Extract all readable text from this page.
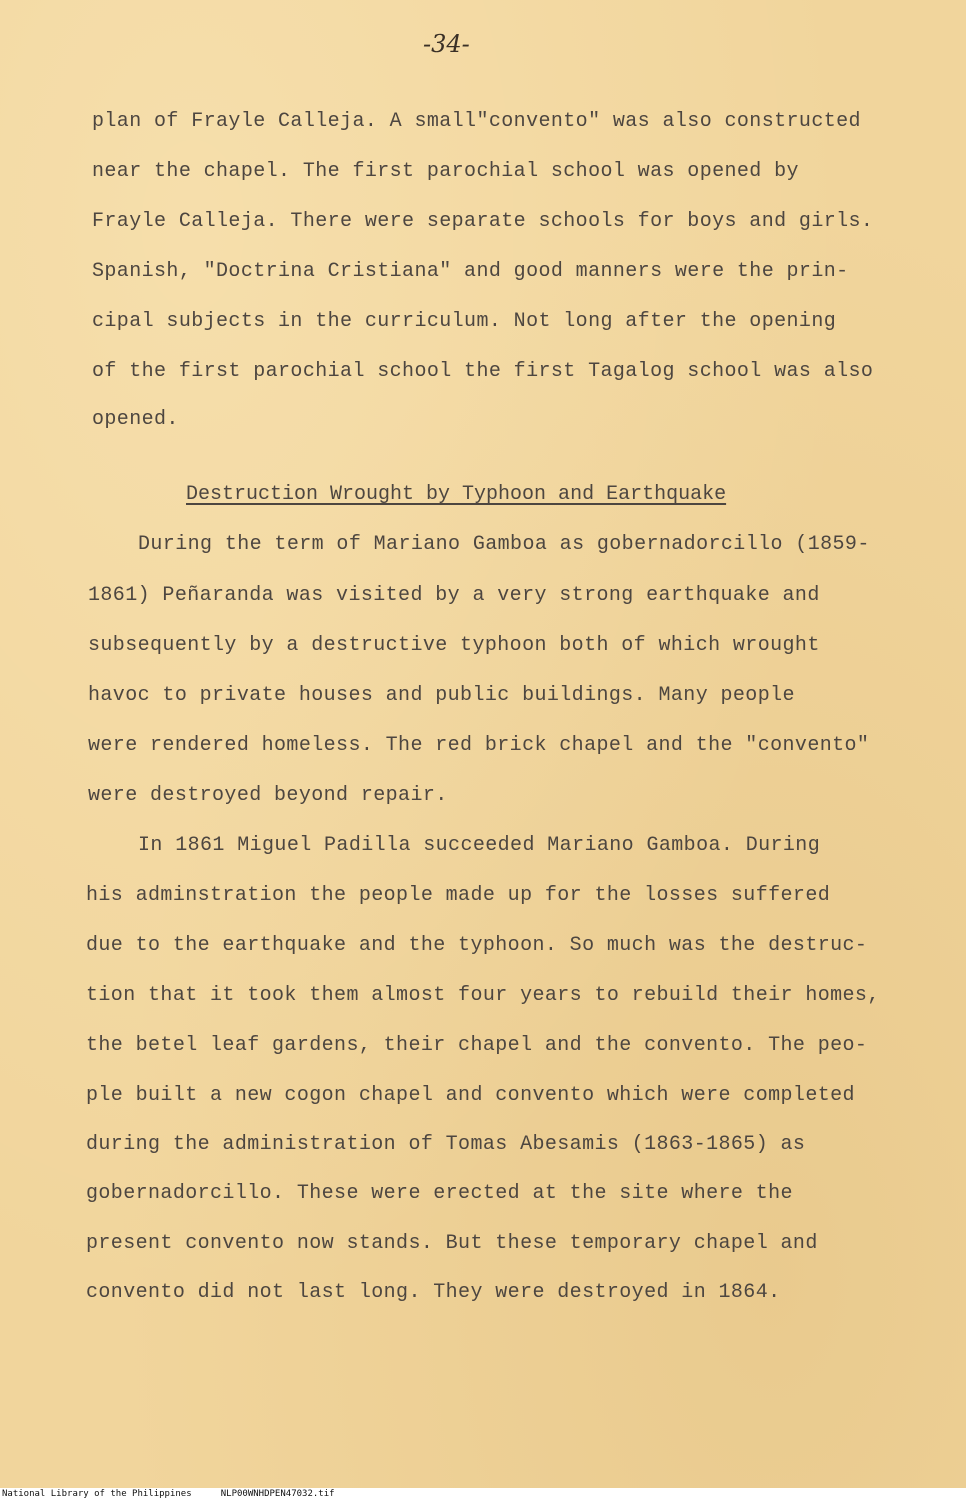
-34-
plan of Frayle Calleja. A small"convento" was also constructed
near the chapel. The first parochial school was opened by
Frayle Calleja. There were separate schools for boys and girls.
Spanish, "Doctrina Cristiana" and good manners were the prin-
cipal subjects in the curriculum. Not long after the opening
of the first parochial school the first Tagalog school was also
opened.
Destruction Wrought by Typhoon and Earthquake
During the term of Mariano Gamboa as gobernadorcillo (1859-
1861) Peñaranda was visited by a very strong earthquake and
subsequently by a destructive typhoon both of which wrought
havoc to private houses and public buildings. Many people
were rendered homeless. The red brick chapel and the "convento"
were destroyed beyond repair.
In 1861 Miguel Padilla succeeded Mariano Gamboa. During
his adminstration the people made up for the losses suffered
due to the earthquake and the typhoon. So much was the destruc-
tion that it took them almost four years to rebuild their homes,
the betel leaf gardens, their chapel and the convento. The peo-
ple built a new cogon chapel and convento which were completed
during the administration of Tomas Abesamis (1863-1865) as
gobernadorcillo. These were erected at the site where the
present convento now stands. But these temporary chapel and
convento did not last long. They were destroyed in 1864.
National Library of the Philippines	NLP00WNHDPEN47032.tif
